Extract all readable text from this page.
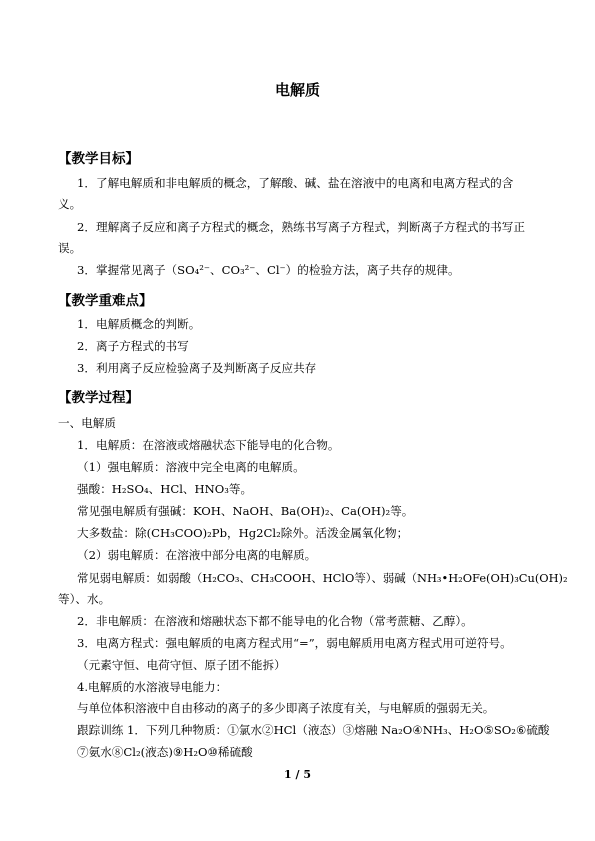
电解质
【教学目标】
1．了解电解质和非电解质的概念，了解酸、碱、盐在溶液中的电离和电离方程式的含
义。
2．理解离子反应和离子方程式的概念，熟练书写离子方程式，判断离子方程式的书写正
误。
3．掌握常见离子（SO₄²⁻、CO₃²⁻、Cl⁻）的检验方法，离子共存的规律。
【教学重难点】
1．电解质概念的判断。
2．离子方程式的书写
3．利用离子反应检验离子及判断离子反应共存
【教学过程】
一、电解质
1．电解质：在溶液或熔融状态下能导电的化合物。
（1）强电解质：溶液中完全电离的电解质。
强酸：H₂SO₄、HCl、HNO₃等。
常见强电解质有强碱：KOH、NaOH、Ba(OH)₂、Ca(OH)₂等。
大多数盐：除(CH₃COO)₂Pb，Hg2Cl₂除外。活泼金属氧化物；
（2）弱电解质：在溶液中部分电离的电解质。
常见弱电解质：如弱酸（H₂CO₃、CH₃COOH、HClO等）、弱碱（NH₃•H₂OFe(OH)₃Cu(OH)₂
等）、水。
2．非电解质：在溶液和熔融状态下都不能导电的化合物（常考蔗糖、乙醇）。
3．电离方程式：强电解质的电离方程式用“=”，弱电解质用电离方程式用可逆符号。
（元素守恒、电荷守恒、原子团不能拆）
4.电解质的水溶液导电能力：
与单位体积溶液中自由移动的离子的多少即离子浓度有关，与电解质的强弱无关。
跟踪训练 1．下列几种物质：①氯水②HCl（液态）③熔融 Na₂O④NH₃、H₂O⑤SO₂⑥硫酸
⑦氨水⑧Cl₂(液态)⑨H₂O⑩稀硫酸
1 / 5
